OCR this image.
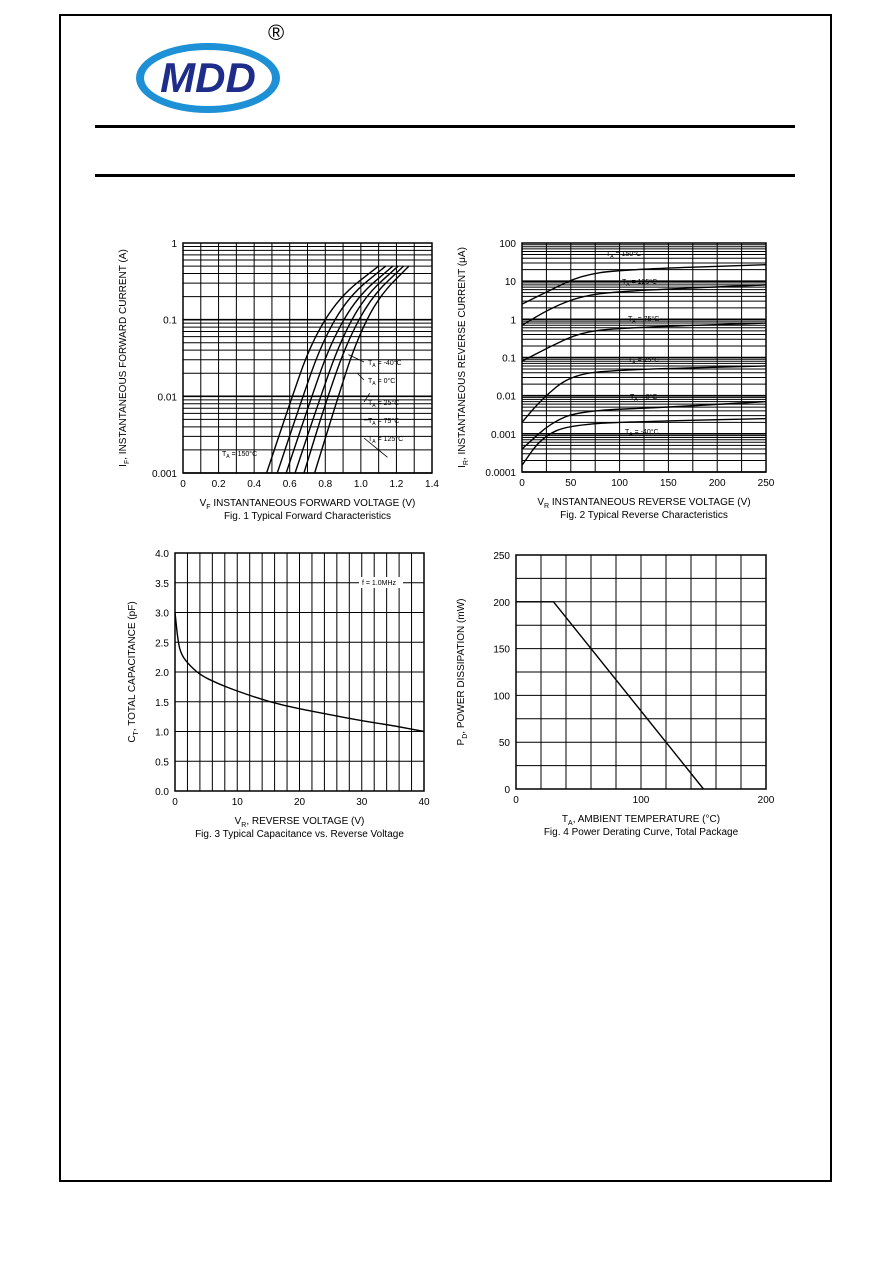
MDD
®
0	0.2 0.4 0.6 0.8 1.0 1.2 1.4
0.001
0.01
0.1
1
$V_F$ INSTANTANEOUS FORWARD VOLTAGE (V)
$I_F$, INSTANTANEOUS FORWARD CURRENT (A)
Fig. 1 Typical Forward Characteristics
$T_A = 150^\circ C$
$T_A = 125^\circ C$
$T_A = 75^\circ C$
$T_A = 25^\circ C$
$T_A = 0^\circ C$
$T_A = -40^\circ C$
0	50	100	150	200	250
0.0001
0.001
0.01
0.1
1
10
100
$V_R$ INSTANTANEOUS REVERSE VOLTAGE (V)
$I_R$, INSTANTANEOUS REVERSE CURRENT (μA)
Fig. 2 Typical Reverse Characteristics
$T_A = 150^\circ C$
$T_A = 125^\circ C$
$T_A = 75^\circ C$
$T_A = 25^\circ C$
$T_A = 0^\circ C$
$T_A = -40^\circ C$
0	10	20	30	40
0.0
0.5
1.0
1.5
2.0
2.5
3.0
3.5
4.0
$V_R$, REVERSE VOLTAGE (V)
$C_T$, TOTAL CAPACITANCE (pF)
Fig. 3 Typical Capacitance vs. Reverse Voltage
f = 1.0MHz
0	100	200
0
50
100
150
200
250
$T_A$, AMBIENT TEMPERATURE (°C)
$P_D$, POWER DISSIPATION (mW)
Fig. 4 Power Derating Curve, Total Package
